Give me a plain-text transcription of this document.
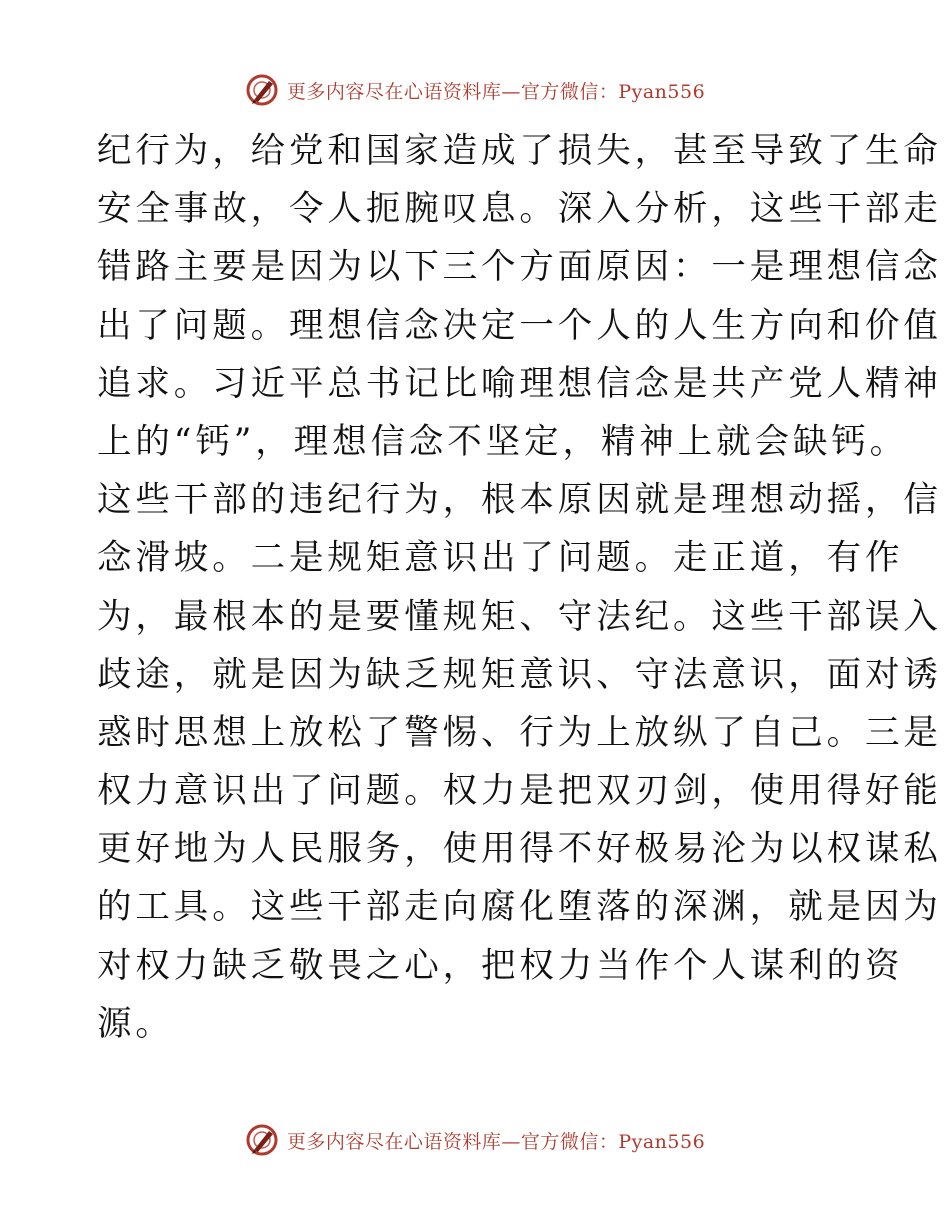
更多内容尽在心语资料库—官方微信：Pyan556
纪行为，给党和国家造成了损失，甚至导致了生命
安全事故，令人扼腕叹息。深入分析，这些干部走
错路主要是因为以下三个方面原因：一是理想信念
出了问题。理想信念决定一个人的人生方向和价值
追求。习近平总书记比喻理想信念是共产党人精神
上的“钙”，理想信念不坚定，精神上就会缺钙。
这些干部的违纪行为，根本原因就是理想动摇，信
念滑坡。二是规矩意识出了问题。走正道，有作
为，最根本的是要懂规矩、守法纪。这些干部误入
歧途，就是因为缺乏规矩意识、守法意识，面对诱
惑时思想上放松了警惕、行为上放纵了自己。三是
权力意识出了问题。权力是把双刃剑，使用得好能
更好地为人民服务，使用得不好极易沦为以权谋私
的工具。这些干部走向腐化堕落的深渊，就是因为
对权力缺乏敬畏之心，把权力当作个人谋利的资
源。
更多内容尽在心语资料库—官方微信：Pyan556
